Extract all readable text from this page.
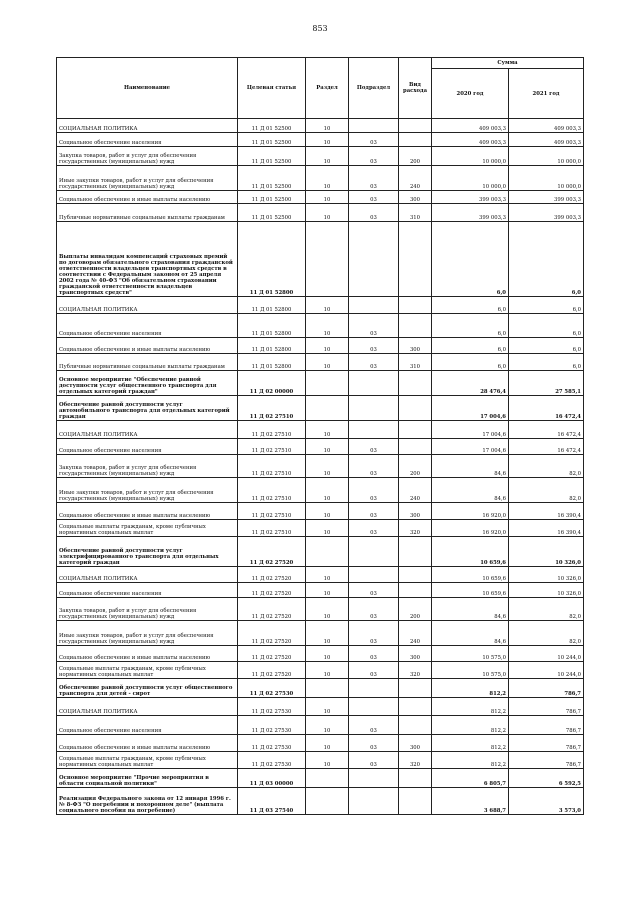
853
Наименование	Целевая статья	Раздел	Подраздел	Вид расхода	Сумма	
					2020 год	2021 год
СОЦИАЛЬНАЯ ПОЛИТИКА	11 Д 01 52500	10			409 003,3	409 003,3
Социальное обеспечение населения	11 Д 01 52500	10	03		409 003,3	409 003,3
Закупка товаров, работ и услуг для обеспечения государственных (муниципальных) нужд	11 Д 01 52500	10	03	200	10 000,0	10 000,0
Иные закупки товаров, работ и услуг для обеспечения государственных (муниципальных) нужд	11 Д 01 52500	10	03	240	10 000,0	10 000,0
Социальное обеспечение и иные выплаты населению	11 Д 01 52500	10	03	300	399 003,3	399 003,3
Публичные нормативные социальные выплаты гражданам	11 Д 01 52500	10	03	310	399 003,3	399 003,3
Выплаты инвалидам компенсаций страховых премий по договорам обязательного страхования гражданской ответственности владельцев транспортных средств в соответствии с Федеральным законом от 25 апреля 2002 года № 40-ФЗ "Об обязательном страховании гражданской ответственности владельцев транспортных средств"	11 Д 01 52800				6,0	6,0
СОЦИАЛЬНАЯ ПОЛИТИКА	11 Д 01 52800	10			6,0	6,0
Социальное обеспечение населения	11 Д 01 52800	10	03		6,0	6,0
Социальное обеспечение и иные выплаты населению	11 Д 01 52800	10	03	300	6,0	6,0
Публичные нормативные социальные выплаты гражданам	11 Д 01 52800	10	03	310	6,0	6,0
Основное мероприятие "Обеспечение равной доступности услуг общественного транспорта для отдельных категорий граждан"	11 Д 02 00000				28 476,4	27 585,1
Обеспечение равной доступности услуг автомобильного транспорта для отдельных категорий граждан	11 Д 02 27510				17 004,6	16 472,4
СОЦИАЛЬНАЯ ПОЛИТИКА	11 Д 02 27510	10			17 004,6	16 472,4
Социальное обеспечение населения	11 Д 02 27510	10	03		17 004,6	16 472,4
Закупка товаров, работ и услуг для обеспечения государственных (муниципальных) нужд	11 Д 02 27510	10	03	200	84,6	82,0
Иные закупки товаров, работ и услуг для обеспечения государственных (муниципальных) нужд	11 Д 02 27510	10	03	240	84,6	82,0
Социальное обеспечение и иные выплаты населению	11 Д 02 27510	10	03	300	16 920,0	16 390,4
Социальные выплаты гражданам, кроме публичных нормативных социальных выплат	11 Д 02 27510	10	03	320	16 920,0	16 390,4
Обеспечение равной доступности услуг электрифицированного транспорта для отдельных категорий граждан	11 Д 02 27520				10 659,6	10 326,0
СОЦИАЛЬНАЯ ПОЛИТИКА	11 Д 02 27520	10			10 659,6	10 326,0
Социальное обеспечение населения	11 Д 02 27520	10	03		10 659,6	10 326,0
Закупка товаров, работ и услуг для обеспечения государственных (муниципальных) нужд	11 Д 02 27520	10	03	200	84,6	82,0
Иные закупки товаров, работ и услуг для обеспечения государственных (муниципальных) нужд	11 Д 02 27520	10	03	240	84,6	82,0
Социальное обеспечение и иные выплаты населению	11 Д 02 27520	10	03	300	10 575,0	10 244,0
Социальные выплаты гражданам, кроме публичных нормативных социальных выплат	11 Д 02 27520	10	03	320	10 575,0	10 244,0
Обеспечение равной доступности услуг общественного транспорта для детей - сирот	11 Д 02 27530				812,2	786,7
СОЦИАЛЬНАЯ ПОЛИТИКА	11 Д 02 27530	10			812,2	786,7
Социальное обеспечение населения	11 Д 02 27530	10	03		812,2	786,7
Социальное обеспечение и иные выплаты населению	11 Д 02 27530	10	03	300	812,2	786,7
Социальные выплаты гражданам, кроме публичных нормативных социальных выплат	11 Д 02 27530	10	03	320	812,2	786,7
Основное мероприятие "Прочие мероприятия в области социальной политики"	11 Д 03 00000				6 805,7	6 592,5
Реализация Федерального закона от 12 января 1996 г. № 8-ФЗ "О погребении и похоронном деле" (выплата социального пособия на погребение)	11 Д 03 27540				3 688,7	3 573,0
